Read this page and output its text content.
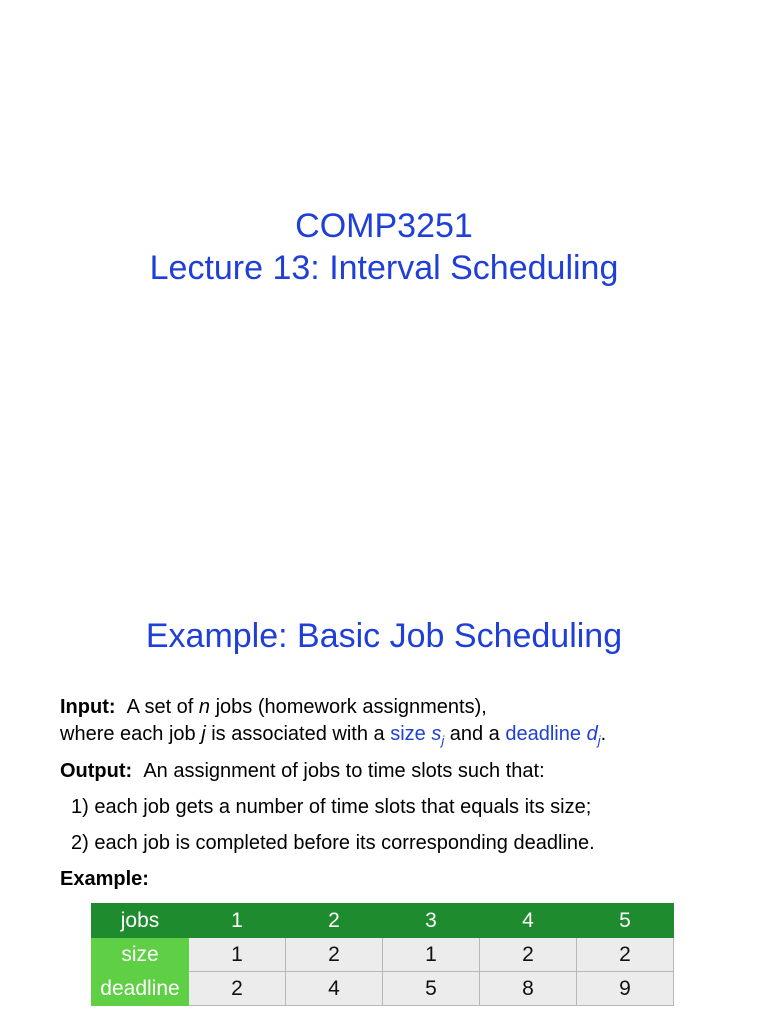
COMP3251
Lecture 13: Interval Scheduling
Example: Basic Job Scheduling
Input: A set of n jobs (homework assignments),
where each job j is associated with a size $s_j$ and a deadline $d_j$.
Output: An assignment of jobs to time slots such that:
1) each job gets a number of time slots that equals its size;
2) each job is completed before its corresponding deadline.
Example:
jobs	1	2	3	4	5
size	1	2	1	2	2
deadline	2	4	5	8	9
